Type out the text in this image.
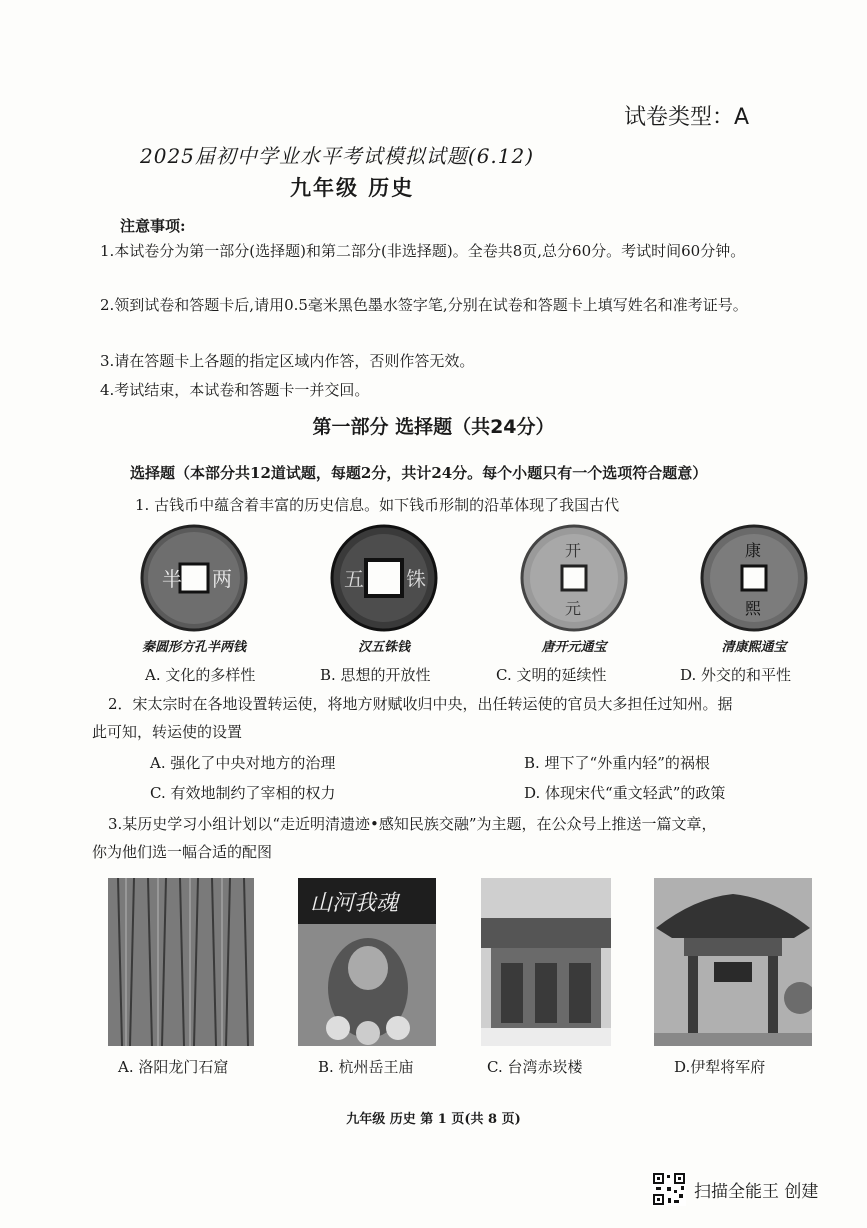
试卷类型：A
2025届初中学业水平考试模拟试题(6.12)
九年级 历史
注意事项:
1.本试卷分为第一部分(选择题)和第二部分(非选择题)。全卷共8页,总分60分。考试时间60分钟。
2.领到试卷和答题卡后,请用0.5毫米黑色墨水签字笔,分别在试卷和答题卡上填写姓名和准考证号。
3.请在答题卡上各题的指定区域内作答，否则作答无效。
4.考试结束，本试卷和答题卡一并交回。
第一部分 选择题（共24分）
选择题（本部分共12道试题，每题2分，共计24分。每个小题只有一个选项符合题意）
1. 古钱币中蕴含着丰富的历史信息。如下钱币形制的沿革体现了我国古代
半 两	五 铢
开
元
康
熙
秦圆形方孔半两钱	汉五铢钱	唐开元通宝	清康熙通宝
A. 文化的多样性	B. 思想的开放性	C. 文明的延续性	D. 外交的和平性
2．宋太宗时在各地设置转运使，将地方财赋收归中央，出任转运使的官员大多担任过知州。据
此可知，转运使的设置
A. 强化了中央对地方的治理	B. 埋下了“外重内轻”的祸根
C. 有效地制约了宰相的权力	D. 体现宋代“重文轻武”的政策
3.某历史学习小组计划以“走近明清遗迹•感知民族交融”为主题，在公众号上推送一篇文章，
你为他们选一幅合适的配图
山河我魂
A. 洛阳龙门石窟	B. 杭州岳王庙	C. 台湾赤崁楼	D.伊犁将军府
九年级 历史 第 1 页(共 8 页)
扫描全能王 创建
